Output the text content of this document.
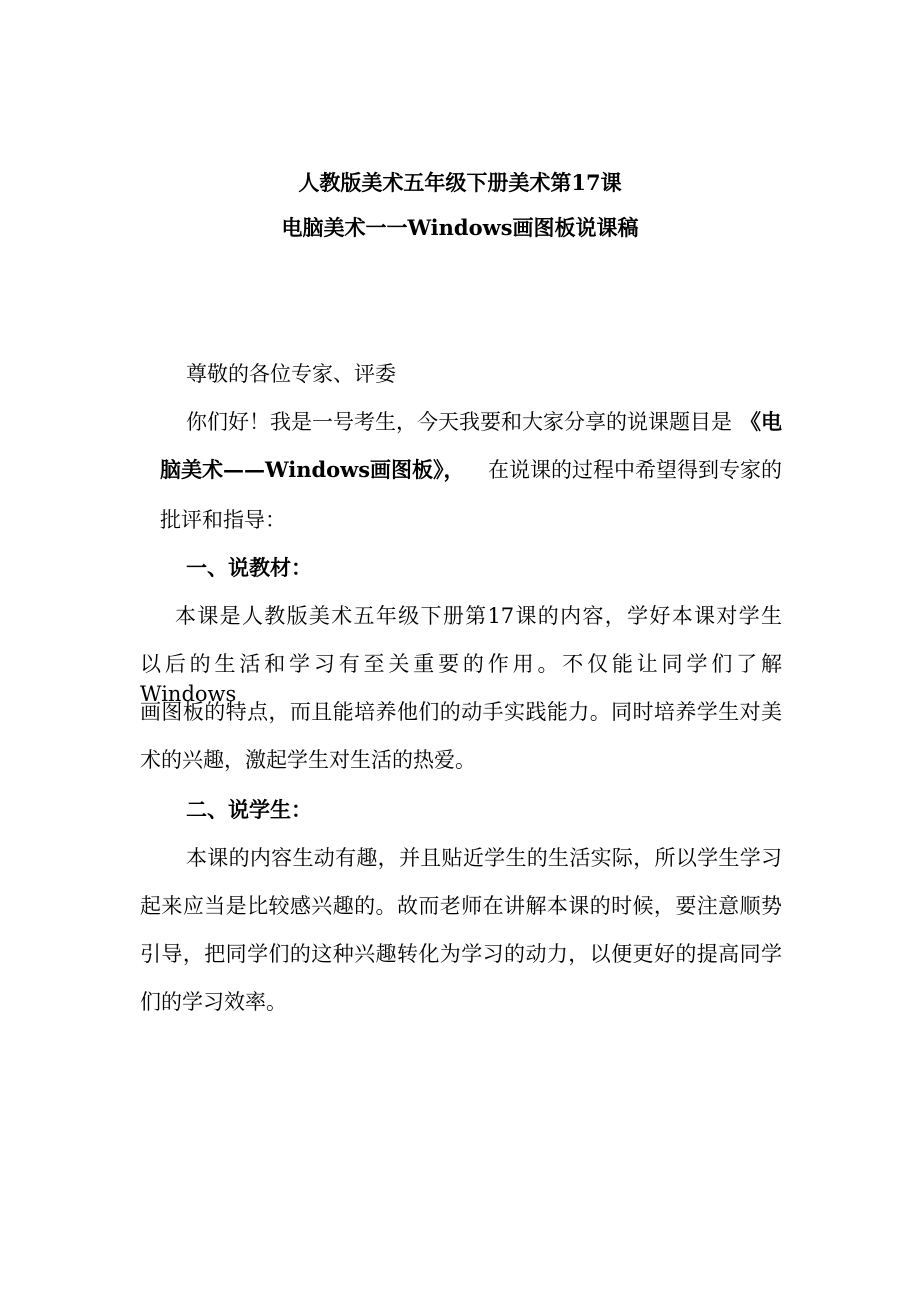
人教版美术五年级下册美术第17课
电脑美术一一Windows画图板说课稿
尊敬的各位专家、评委
你们好！我是一号考生，今天我要和大家分享的说课题目是 《电
脑美术——Windows画图板》， 在说课的过程中希望得到专家的
批评和指导：
一、说教材：
本课是人教版美术五年级下册第17课的内容，学好本课对学生
以后的生活和学习有至关重要的作用。不仅能让同学们了解Windows
画图板的特点，而且能培养他们的动手实践能力。同时培养学生对美
术的兴趣，激起学生对生活的热爱。
二、说学生：
本课的内容生动有趣，并且贴近学生的生活实际，所以学生学习
起来应当是比较感兴趣的。故而老师在讲解本课的时候，要注意顺势
引导，把同学们的这种兴趣转化为学习的动力，以便更好的提高同学
们的学习效率。
